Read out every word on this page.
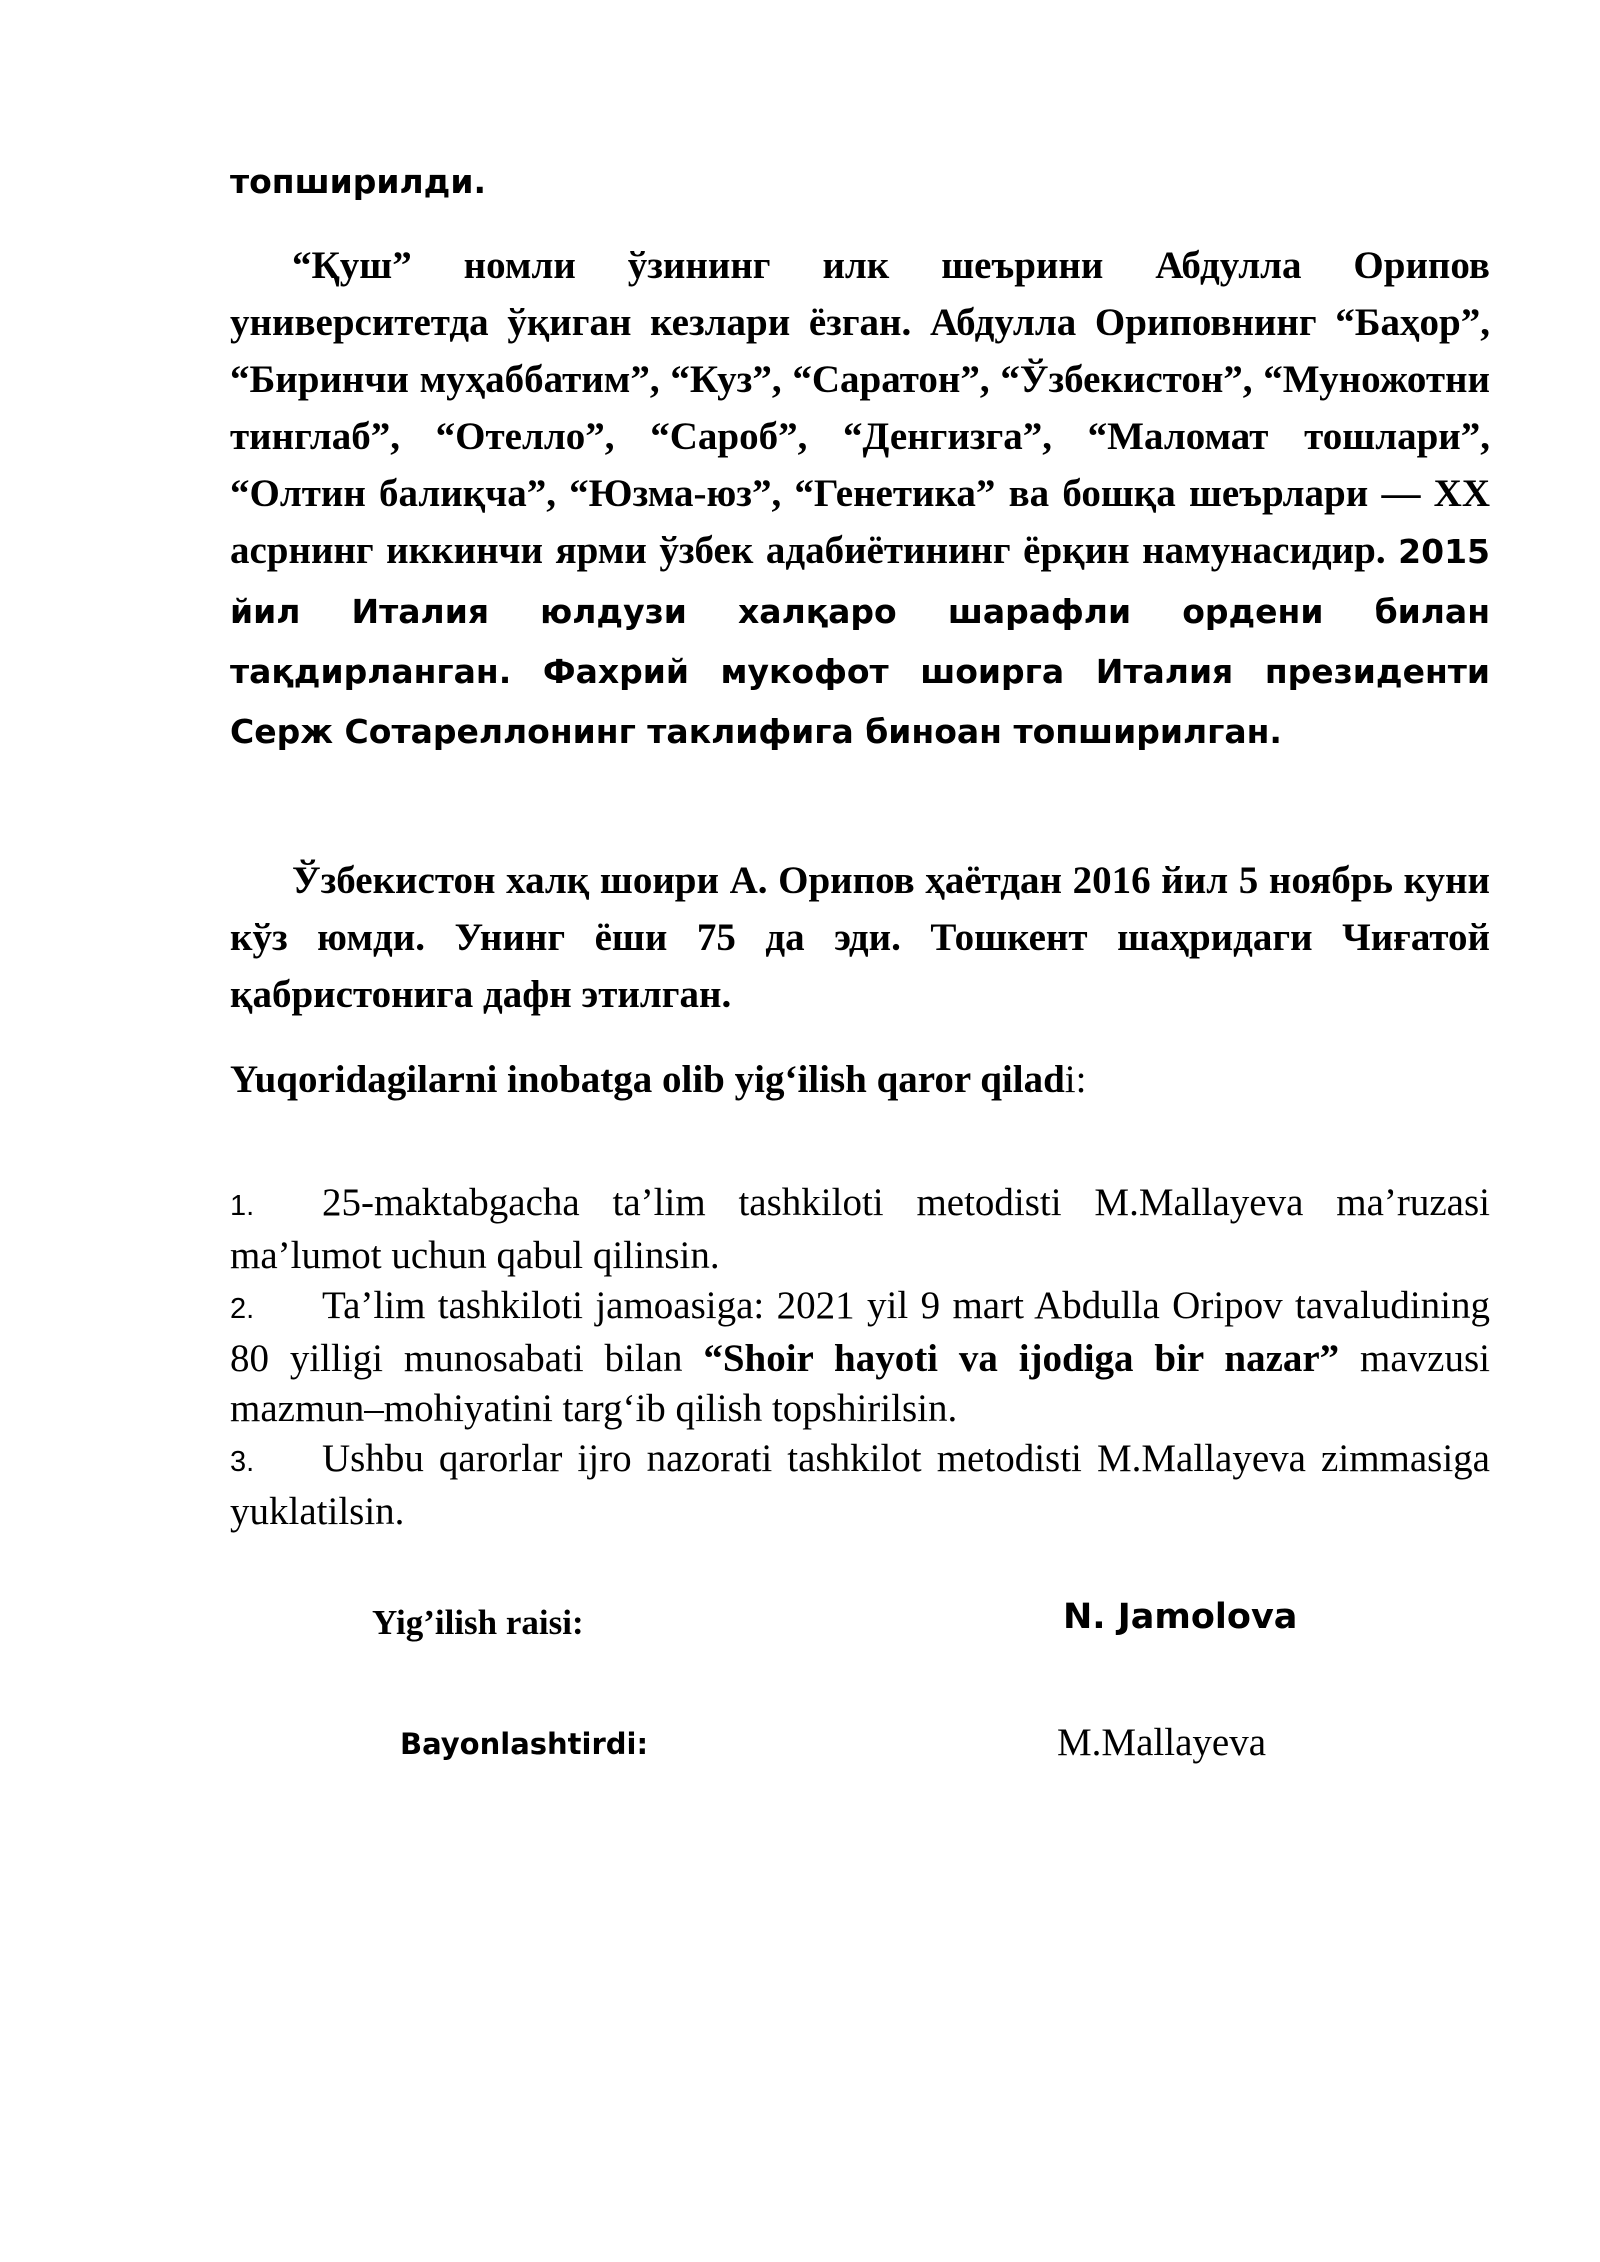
топширилди.
“Қуш” номли ўзининг илк шеърини Абдулла Орипов университетда ўқиган кезлари ёзган. Абдулла Ориповнинг “Баҳор”, “Биринчи муҳаббатим”, “Куз”, “Саратон”, “Ўзбекистон”, “Муножотни тинглаб”, “Отелло”, “Сароб”, “Денгизга”, “Маломат тошлари”, “Олтин балиқча”, “Юзма-юз”, “Генетика” ва бошқа шеърлари — XX асрнинг иккинчи ярми ўзбек адабиётининг ёрқин намунасидир. 2015 йил Италия юлдузи халқаро шарафли ордени билан тақдирланган. Фахрий мукофот шоирга Италия президенти Серж Сотареллонинг таклифига биноан топширилган.
Ўзбекистон халқ шоири А. Орипов ҳаётдан 2016 йил 5 ноябрь куни кўз юмди. Унинг ёши 75 да эди. Тошкент шаҳридаги Чиғатой қабристонига дафн этилган.
Yuqoridagilarni inobatga olib yig‘ilish qaror qiladi:
1. 25-maktabgacha ta’lim tashkiloti metodisti M.Mallayeva ma’ruzasi ma’lumot uchun qabul qilinsin.
2. Ta’lim tashkiloti jamoasiga: 2021 yil 9 mart Abdulla Oripov tavaludining 80 yilligi munosabati bilan “Shoir hayoti va ijodiga bir nazar” mavzusi mazmun–mohiyatini targ‘ib qilish topshirilsin.
3. Ushbu qarorlar ijro nazorati tashkilot metodisti M.Mallayeva zimmasiga yuklatilsin.
Yig’ilish raisi:	N. Jamolova
Bayonlashtirdi:	M.Mallayeva
